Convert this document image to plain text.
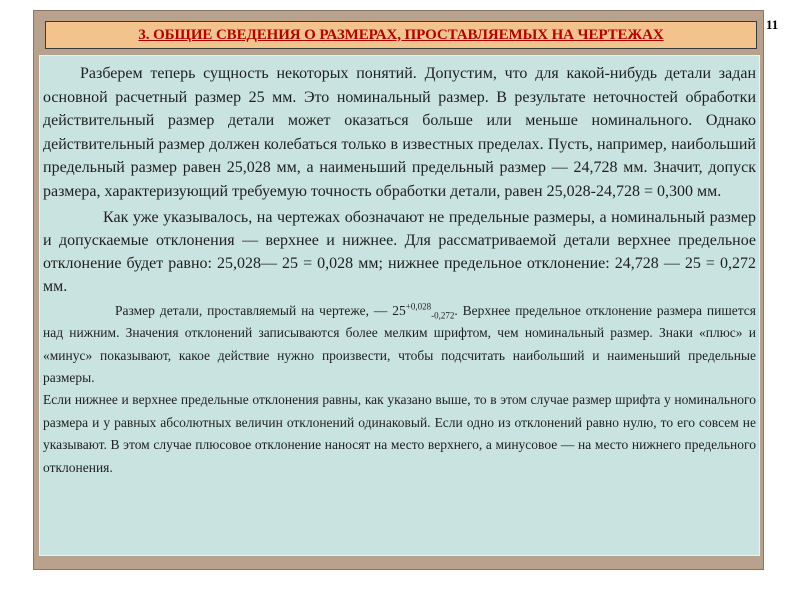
11
3. ОБЩИЕ СВЕДЕНИЯ О РАЗМЕРАХ, ПРОСТАВЛЯЕМЫХ НА ЧЕРТЕЖАХ

Разберем теперь сущность некоторых понятий. Допустим, что для какой-нибудь детали задан основной расчетный размер 25 мм. Это номинальный размер. В результате неточностей обработки действительный размер детали может оказаться больше или меньше номинального. Однако действительный размер должен колебаться только в известных пределах. Пусть, например, наибольший предельный размер равен 25,028 мм, а наименьший предельный размер — 24,728 мм. Значит, допуск размера, характеризующий требуемую точность обработки детали, равен 25,028-24,728 = 0,300 мм.

Как уже указывалось, на чертежах обозначают не предельные размеры, а номинальный размер и допускаемые отклонения — верхнее и нижнее. Для рассматриваемой детали верхнее предельное отклонение будет равно: 25,028— 25 = 0,028 мм; нижнее предельное отклонение: 24,728 — 25 = 0,272 мм.

Размер детали, проставляемый на чертеже, — $25^{+0,028}_{-0,272}$. Верхнее предельное отклонение размера пишется над нижним. Значения отклонений записываются более мелким шрифтом, чем номинальный размер. Знаки «плюс» и «минус» показывают, какое действие нужно произвести, чтобы подсчитать наибольший и наименьший предельные размеры.

Если нижнее и верхнее предельные отклонения равны, как указано выше, то в этом случае размер шрифта у номинального размера и у равных абсолютных величин отклонений одинаковый. Если одно из отклонений равно нулю, то его совсем не указывают. В этом случае плюсовое отклонение наносят на место верхнего, а минусовое — на место нижнего предельного отклонения.
